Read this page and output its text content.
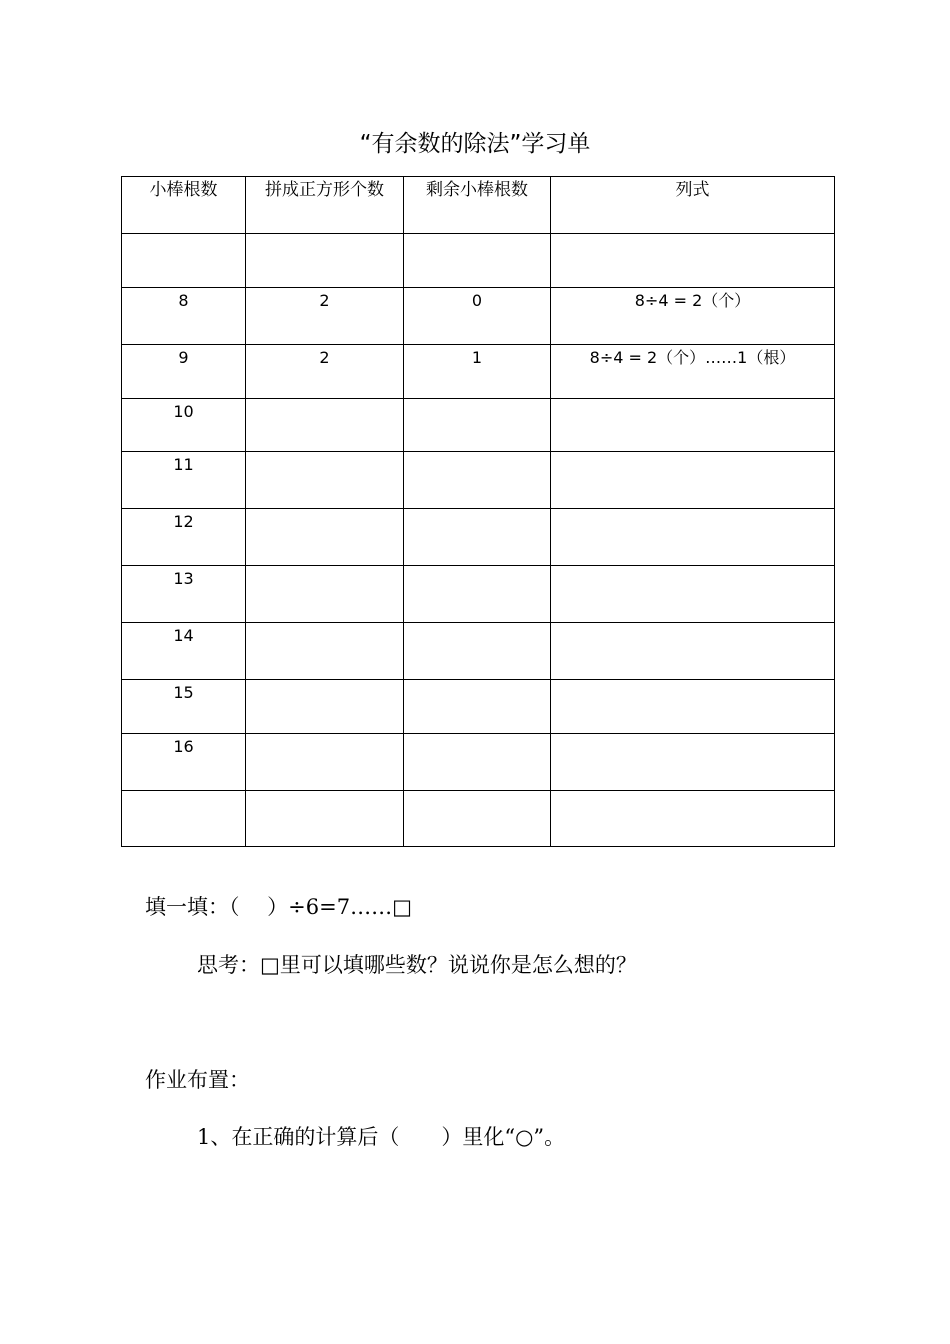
“有余数的除法”学习单
小棒根数	拼成正方形个数	剩余小棒根数	列式

8	2	0	8÷4 = 2（个）
9	2	1	8÷4 = 2（个）……1（根）
10			
11			
12			
13			
14			
15			
16			

填一填：（　 ）÷6=7……□
思考：□里可以填哪些数？说说你是怎么想的？
作业布置：
1、在正确的计算后（　　）里化“○”。
